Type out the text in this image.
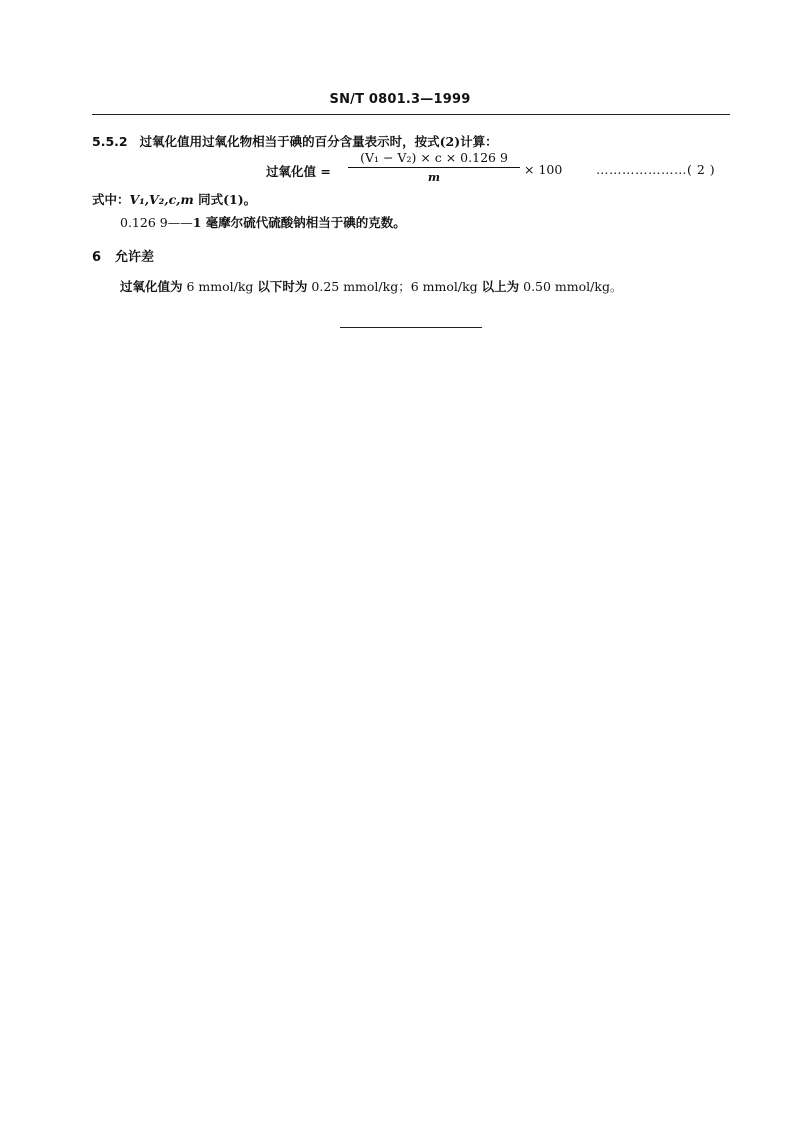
SN/T 0801.3—1999
5.5.2 过氧化值用过氧化物相当于碘的百分含量表示时，按式(2)计算：
过氧化值 =
(V₁ − V₂) × c × 0.126 9
m	× 100	…………………( 2 )
式中：V₁,V₂,c,m 同式(1)。
0.126 9——1 毫摩尔硫代硫酸钠相当于碘的克数。
6 允许差
过氧化值为 6 mmol/kg 以下时为 0.25 mmol/kg；6 mmol/kg 以上为 0.50 mmol/kg。
